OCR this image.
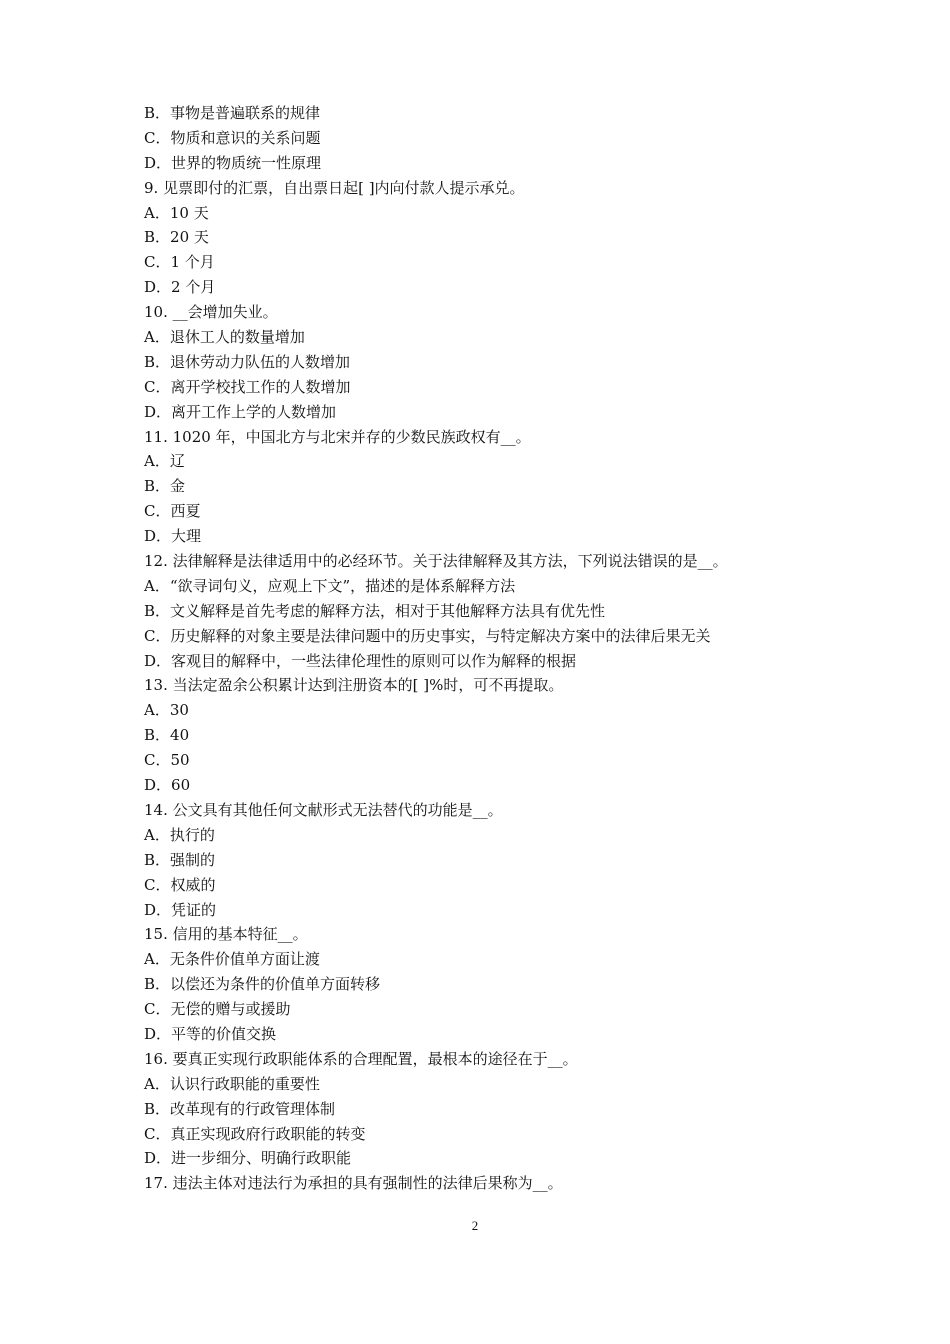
B．事物是普遍联系的规律
C．物质和意识的关系问题
D．世界的物质统一性原理
9. 见票即付的汇票，自出票日起[ ]内向付款人提示承兑。
A．10 天
B．20 天
C．1 个月
D．2 个月
10. __会增加失业。
A．退休工人的数量增加
B．退休劳动力队伍的人数增加
C．离开学校找工作的人数增加
D．离开工作上学的人数增加
11. 1020 年，中国北方与北宋并存的少数民族政权有__。
A．辽
B．金
C．西夏
D．大理
12. 法律解释是法律适用中的必经环节。关于法律解释及其方法，下列说法错误的是__。
A．“欲寻词句义，应观上下文”，描述的是体系解释方法
B．文义解释是首先考虑的解释方法，相对于其他解释方法具有优先性
C．历史解释的对象主要是法律问题中的历史事实，与特定解决方案中的法律后果无关
D．客观目的解释中，一些法律伦理性的原则可以作为解释的根据
13. 当法定盈余公积累计达到注册资本的[ ]%时，可不再提取。
A．30
B．40
C．50
D．60
14. 公文具有其他任何文献形式无法替代的功能是__。
A．执行的
B．强制的
C．权威的
D．凭证的
15. 信用的基本特征__。
A．无条件价值单方面让渡
B．以偿还为条件的价值单方面转移
C．无偿的赠与或援助
D．平等的价值交换
16. 要真正实现行政职能体系的合理配置，最根本的途径在于__。
A．认识行政职能的重要性
B．改革现有的行政管理体制
C．真正实现政府行政职能的转变
D．进一步细分、明确行政职能
17. 违法主体对违法行为承担的具有强制性的法律后果称为__。
2
